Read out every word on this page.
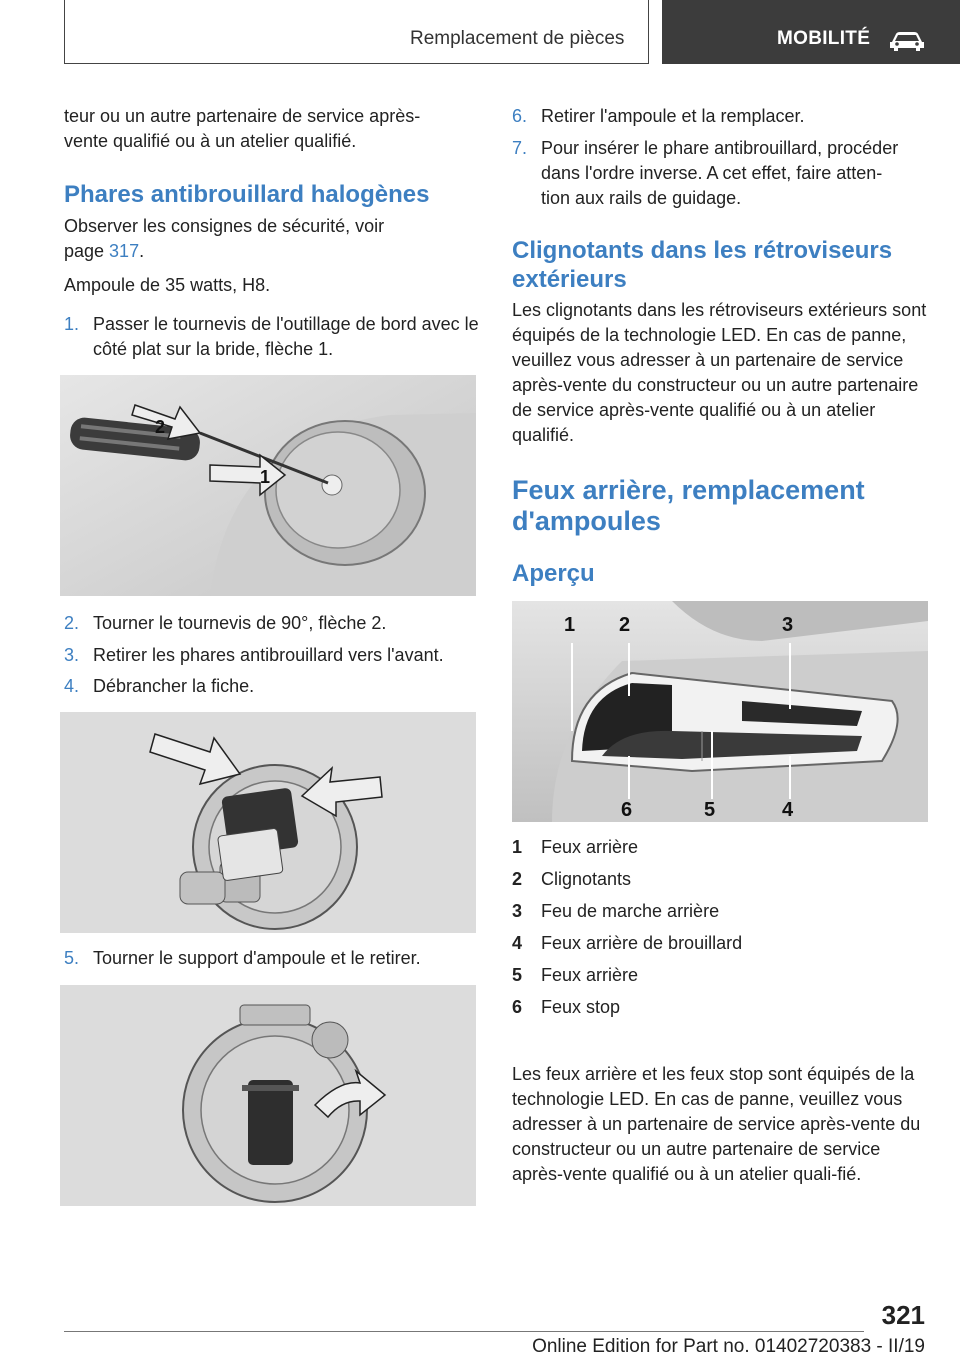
Remplacement de pièces	MOBILITÉ

teur ou un autre partenaire de service après-vente qualifié ou à un atelier qualifié.

Phares antibrouillard halogènes

Observer les consignes de sécurité, voir page 317.

Ampoule de 35 watts, H8.

1. Passer le tournevis de l'outillage de bord avec le côté plat sur la bride, flèche 1.
2
1
2. Tourner le tournevis de 90°, flèche 2.
3. Retirer les phares antibrouillard vers l'avant.
4. Débrancher la fiche.
5. Tourner le support d'ampoule et le retirer.
6. Retirer l'ampoule et la remplacer.
7. Pour insérer le phare antibrouillard, procéder dans l'ordre inverse. A cet effet, faire atten-tion aux rails de guidage.
Clignotants dans les rétroviseurs extérieurs

Les clignotants dans les rétroviseurs extérieurs sont équipés de la technologie LED. En cas de panne, veuillez vous adresser à un partenaire de service après-vente du constructeur ou un autre partenaire de service après-vente qualifié ou à un atelier qualifié.

Feux arrière, remplacement d'ampoules
Aperçu
1 2	3
4
5
6
1 Feux arrière
2 Clignotants
3 Feu de marche arrière
4 Feux arrière de brouillard
5 Feux arrière
6 Feux stop

Les feux arrière et les feux stop sont équipés de la technologie LED. En cas de panne, veuillez vous adresser à un partenaire de service après-vente du constructeur ou un autre partenaire de service après-vente qualifié ou à un atelier quali-fié.

321
Online Edition for Part no. 01402720383 - II/19
